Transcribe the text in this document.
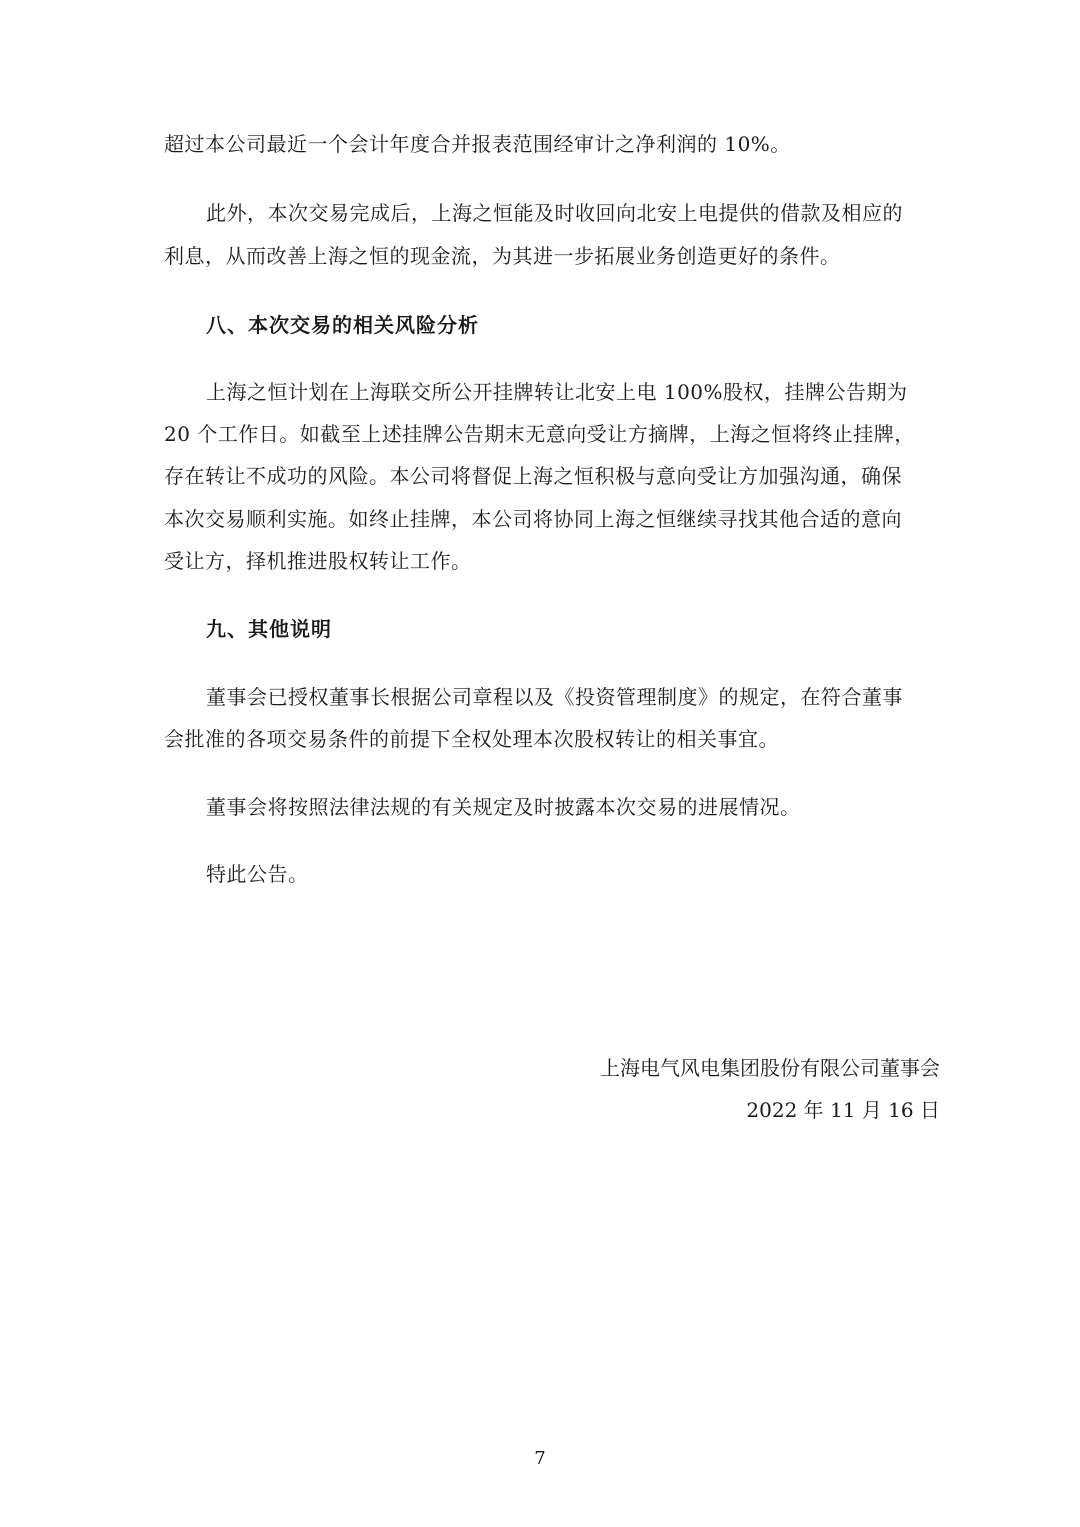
超过本公司最近一个会计年度合并报表范围经审计之净利润的 10%。
此外，本次交易完成后，上海之恒能及时收回向北安上电提供的借款及相应的
利息，从而改善上海之恒的现金流，为其进一步拓展业务创造更好的条件。
八、本次交易的相关风险分析
上海之恒计划在上海联交所公开挂牌转让北安上电 100%股权，挂牌公告期为
20 个工作日。如截至上述挂牌公告期末无意向受让方摘牌，上海之恒将终止挂牌，
存在转让不成功的风险。本公司将督促上海之恒积极与意向受让方加强沟通，确保
本次交易顺利实施。如终止挂牌，本公司将协同上海之恒继续寻找其他合适的意向
受让方，择机推进股权转让工作。
九、其他说明
董事会已授权董事长根据公司章程以及《投资管理制度》的规定，在符合董事
会批准的各项交易条件的前提下全权处理本次股权转让的相关事宜。
董事会将按照法律法规的有关规定及时披露本次交易的进展情况。
特此公告。
上海电气风电集团股份有限公司董事会
2022 年 11 月 16 日
7
